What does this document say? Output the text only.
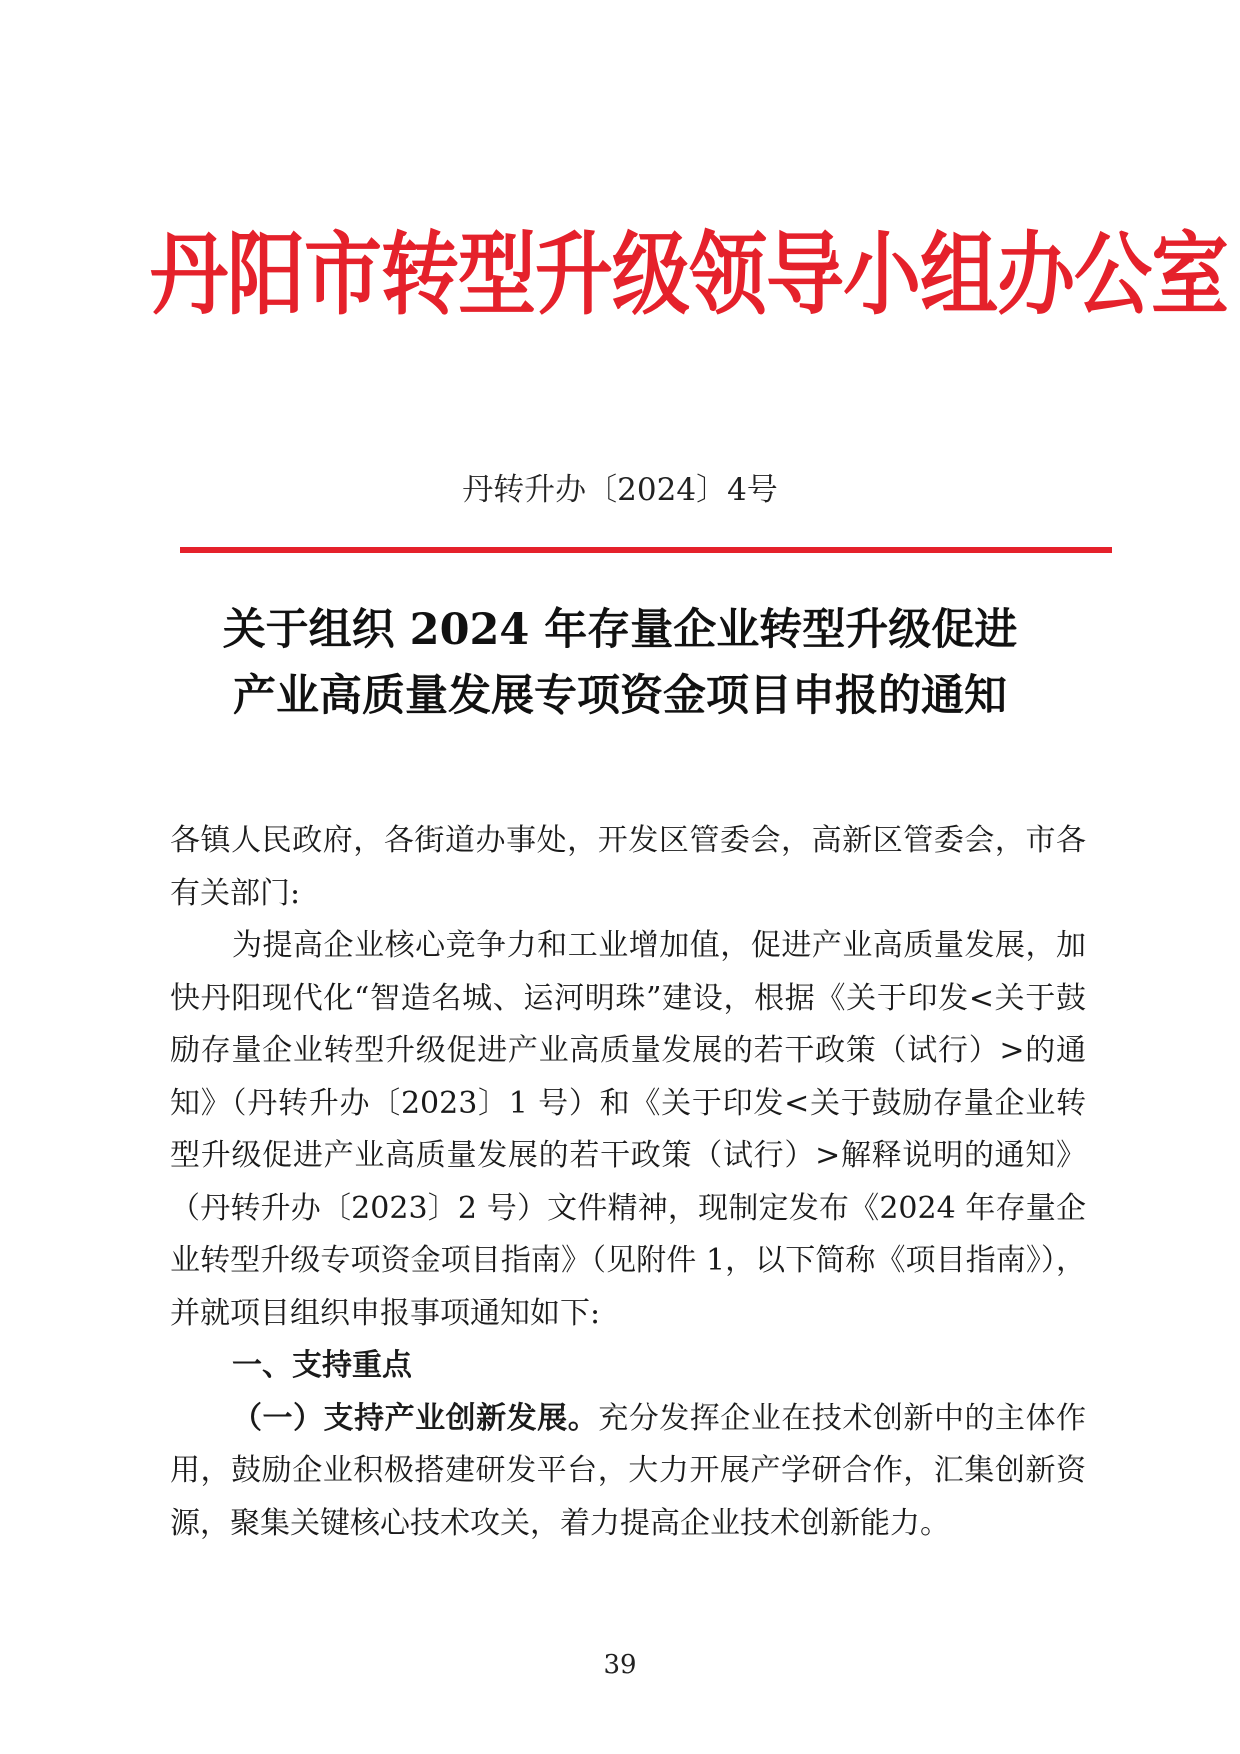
丹阳市转型升级领导小组办公室
丹转升办〔2024〕4号
关于组织 2024 年存量企业转型升级促进
产业高质量发展专项资金项目申报的通知

各镇人民政府，各街道办事处，开发区管委会，高新区管委会，市各有关部门:

为提高企业核心竞争力和工业增加值，促进产业高质量发展，加快丹阳现代化“智造名城、运河明珠”建设，根据《关于印发<关于鼓励存量企业转型升级促进产业高质量发展的若干政策（试行）>的通知》（丹转升办〔2023〕1 号）和《关于印发<关于鼓励存量企业转型升级促进产业高质量发展的若干政策（试行）>解释说明的通知》（丹转升办〔2023〕2 号）文件精神，现制定发布《2024 年存量企业转型升级专项资金项目指南》（见附件 1，以下简称《项目指南》），并就项目组织申报事项通知如下:

一、支持重点

（一）支持产业创新发展。充分发挥企业在技术创新中的主体作用，鼓励企业积极搭建研发平台，大力开展产学研合作，汇集创新资源，聚集关键核心技术攻关，着力提高企业技术创新能力。

39
